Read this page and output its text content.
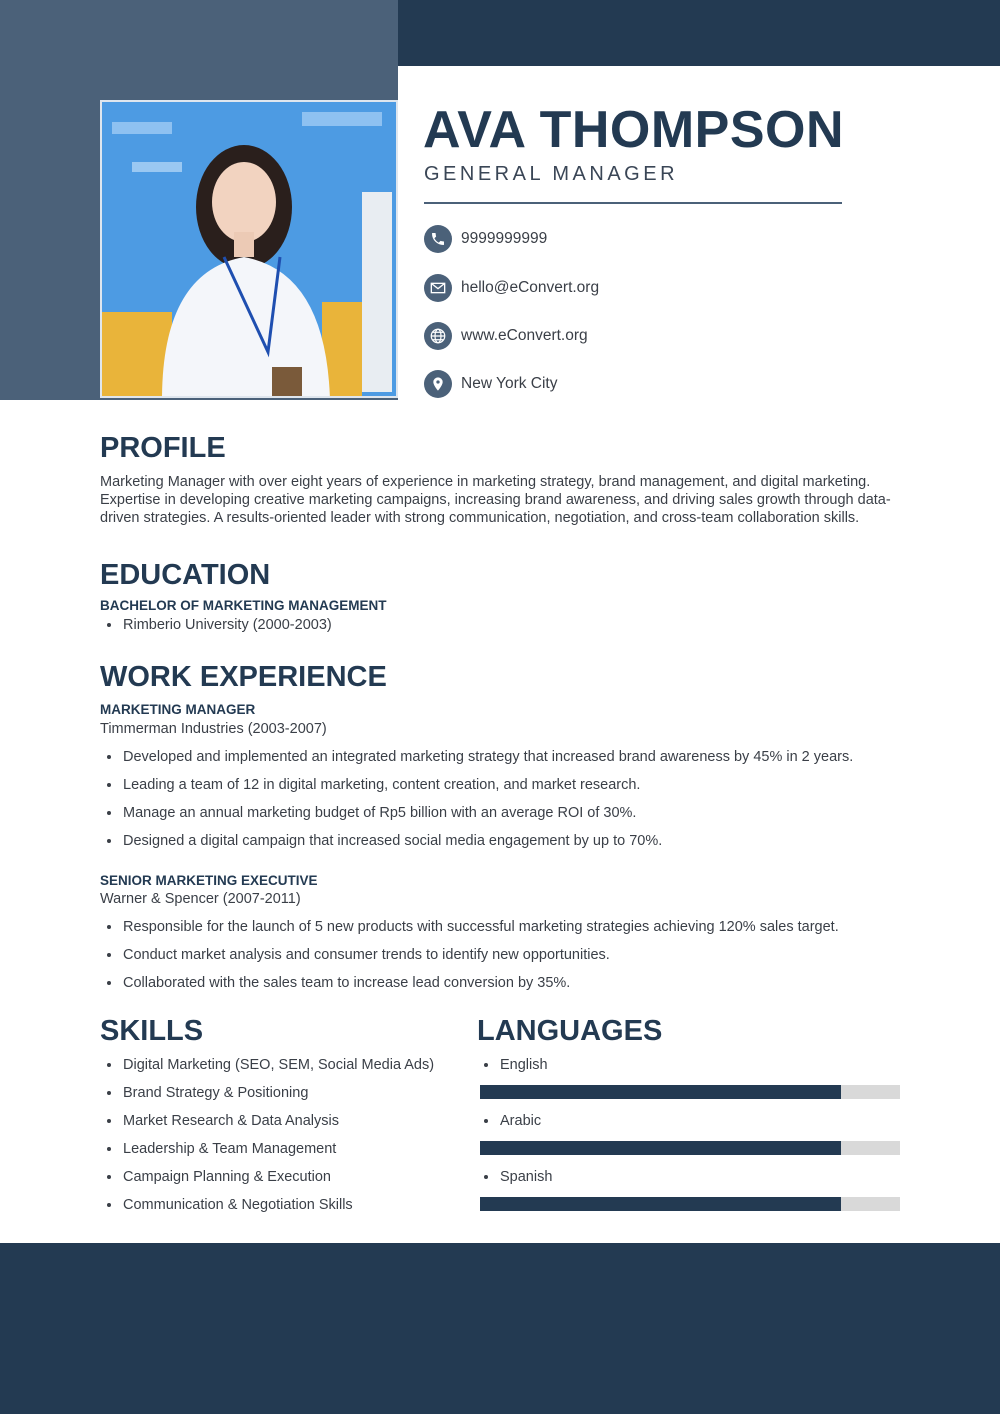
AVA THOMPSON
GENERAL MANAGER
9999999999
hello@eConvert.org
www.eConvert.org
New York City
PROFILE
Marketing Manager with over eight years of experience in marketing strategy, brand management, and digital marketing. Expertise in developing creative marketing campaigns, increasing brand awareness, and driving sales growth through data-driven strategies. A results-oriented leader with strong communication, negotiation, and cross-team collaboration skills.
EDUCATION
BACHELOR OF MARKETING MANAGEMENT
Rimberio University (2000-2003)
WORK EXPERIENCE
MARKETING MANAGER
Timmerman Industries (2003-2007)
Developed and implemented an integrated marketing strategy that increased brand awareness by 45% in 2 years.
Leading a team of 12 in digital marketing, content creation, and market research.
Manage an annual marketing budget of Rp5 billion with an average ROI of 30%.
Designed a digital campaign that increased social media engagement by up to 70%.
SENIOR MARKETING EXECUTIVE
Warner & Spencer (2007-2011)
Responsible for the launch of 5 new products with successful marketing strategies achieving 120% sales target.
Conduct market analysis and consumer trends to identify new opportunities.
Collaborated with the sales team to increase lead conversion by 35%.
SKILLS
Digital Marketing (SEO, SEM, Social Media Ads)
Brand Strategy & Positioning
Market Research & Data Analysis
Leadership & Team Management
Campaign Planning & Execution
Communication & Negotiation Skills
LANGUAGES
English
Arabic
Spanish
